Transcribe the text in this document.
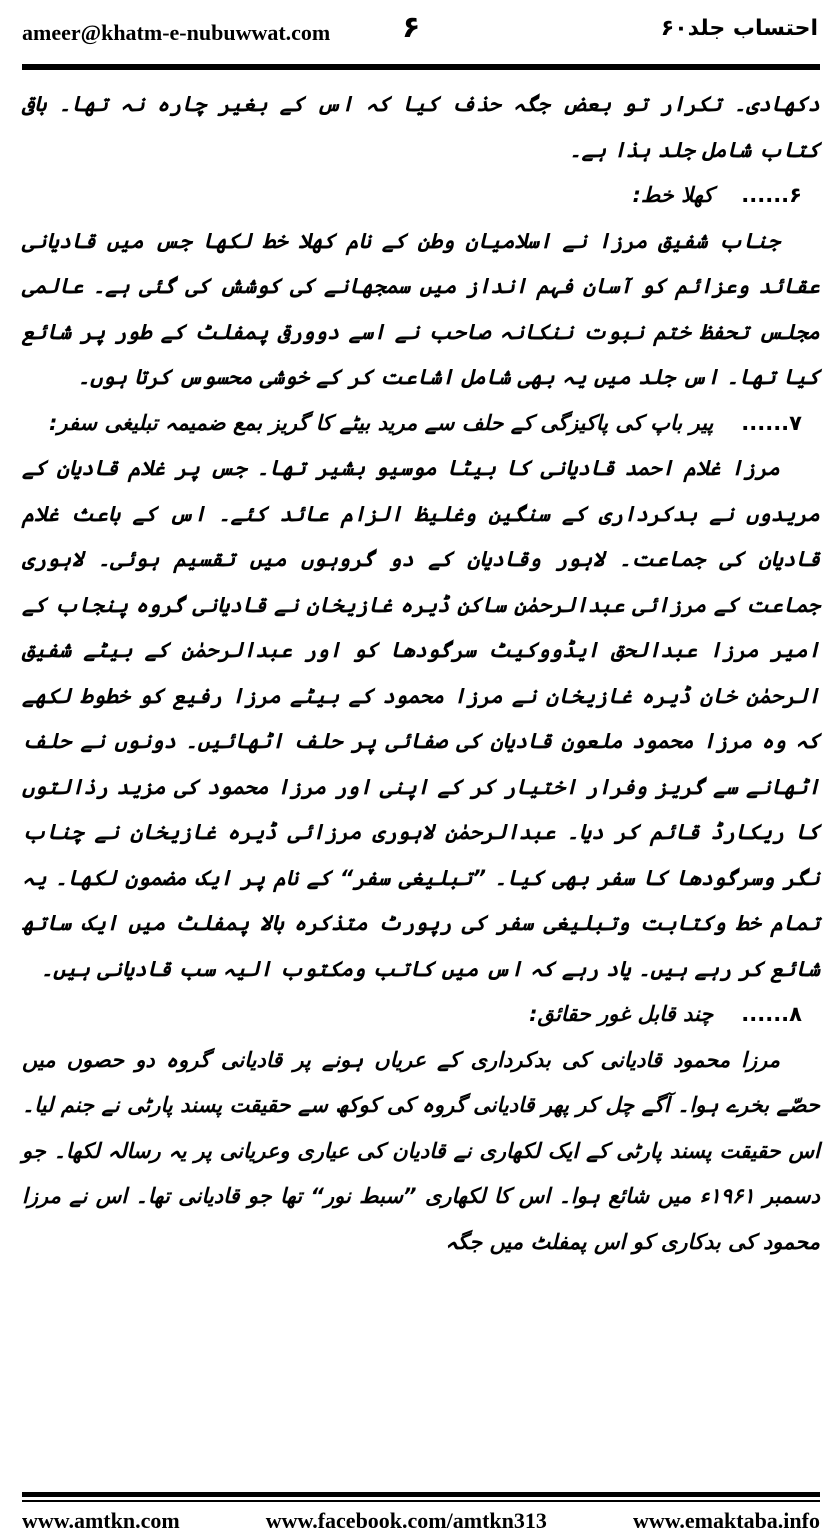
ameer@khatm-e-nubuwwat.com ۶	احتساب جلد۶۰

دکھادی۔ تکرار تو بعض جگہ حذف کیا کہ اس کے بغیر چارہ نہ تھا۔ باقی کتاب شامل جلد ہذا ہے۔

۶......کھلا خط:

جناب شفیق مرزا نے اسلامیان وطن کے نام کھلا خط لکھا جس میں قادیانی عقائد وعزائم کو آسان فہم انداز میں سمجھانے کی کوشش کی گئی ہے۔ عالمی مجلس تحفظ ختم نبوت ننکانہ صاحب نے اسے دوورقی پمفلٹ کے طور پر شائع کیا تھا۔ اس جلد میں یہ بھی شامل اشاعت کر کے خوشی محسوس کرتا ہوں۔

۷......پیر باپ کی پاکیزگی کے حلف سے مرید بیٹے کا گریز بمع ضمیمہ تبلیغی سفر:

مرزا غلام احمد قادیانی کا بیٹا موسیو بشیر تھا۔ جس پر غلام قادیان کے مریدوں نے بدکرداری کے سنگین وغلیظ الزام عائد کئے۔ اس کے باعث غلام قادیان کی جماعت۔ لاہور وقادیان کے دو گروہوں میں تقسیم ہوئی۔ لاہوری جماعت کے مرزائی عبدالرحمٰن ساکن ڈیرہ غازیخان نے قادیانی گروہ پنجاب کے امیر مرزا عبدالحق ایڈووکیٹ سرگودھا کو اور عبدالرحمٰن کے بیٹے شفیق الرحمٰن خان ڈیرہ غازیخان نے مرزا محمود کے بیٹے مرزا رفیع کو خطوط لکھے کہ وہ مرزا محمود ملعون قادیان کی صفائی پر حلف اٹھائیں۔ دونوں نے حلف اٹھانے سے گریز وفرار اختیار کر کے اپنی اور مرزا محمود کی مزید رذالتوں کا ریکارڈ قائم کر دیا۔ عبدالرحمٰن لاہوری مرزائی ڈیرہ غازیخان نے چناب نگر وسرگودھا کا سفر بھی کیا۔ ”تبلیغی سفر“ کے نام پر ایک مضمون لکھا۔ یہ تمام خط وکتابت وتبلیغی سفر کی رپورٹ متذکرہ بالا پمفلٹ میں ایک ساتھ شائع کر رہے ہیں۔ یاد رہے کہ اس میں کاتب ومکتوب الیہ سب قادیانی ہیں۔

۸......چند قابل غور حقائق:

مرزا محمود قادیانی کی بدکرداری کے عریاں ہونے پر قادیانی گروہ دو حصوں میں حصّے بخرے ہوا۔ آگے چل کر پھر قادیانی گروہ کی کوکھ سے حقیقت پسند پارٹی نے جنم لیا۔ اس حقیقت پسند پارٹی کے ایک لکھاری نے قادیان کی عیاری وعریانی پر یہ رسالہ لکھا۔ جو دسمبر ۱۹۶۱ء میں شائع ہوا۔ اس کا لکھاری ”سبط نور“ تھا جو قادیانی تھا۔ اس نے مرزا محمود کی بدکاری کو اس پمفلٹ میں جگہ

www.amtkn.com	www.facebook.com/amtkn313	www.emaktaba.info
